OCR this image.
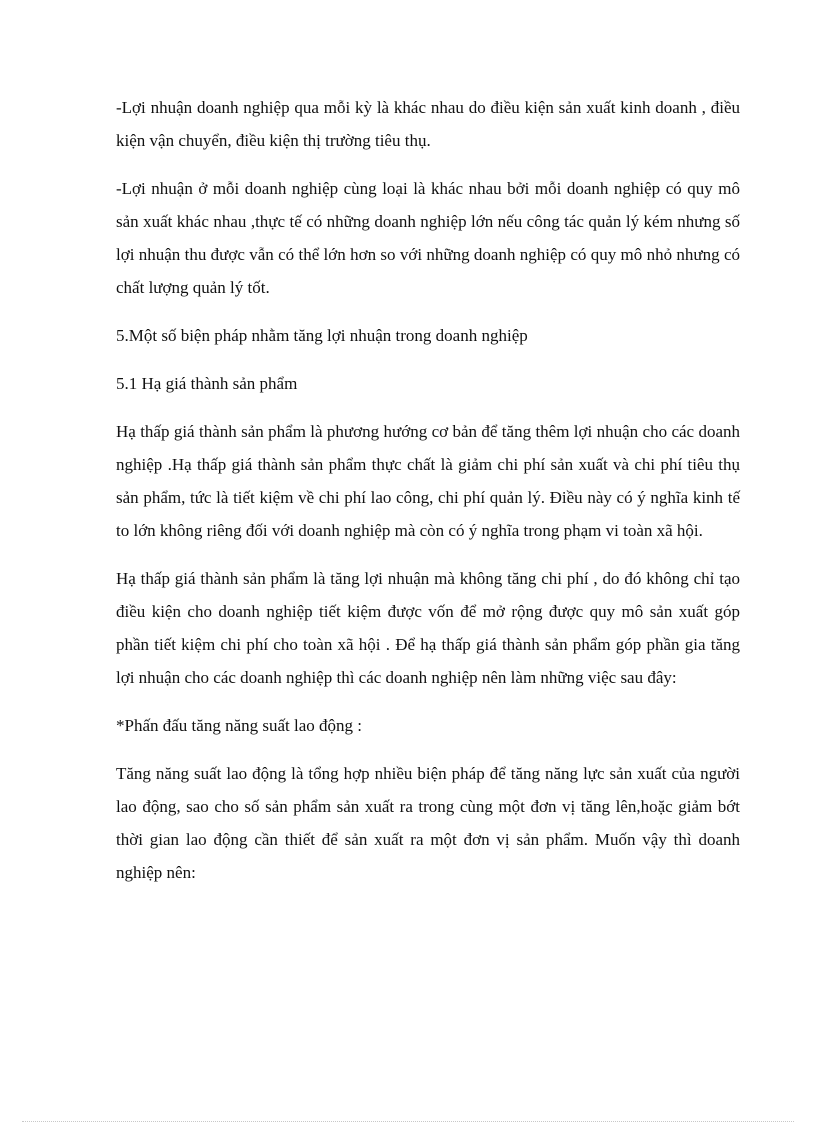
-Lợi nhuận doanh nghiệp qua mỗi kỳ là khác nhau do điều kiện sản xuất kinh doanh , điều kiện vận chuyển, điều kiện thị trường tiêu thụ.

-Lợi nhuận ở mỗi doanh nghiệp cùng loại là khác nhau bởi mỗi doanh nghiệp có quy mô sản xuất khác nhau ,thực tế có những doanh nghiệp lớn nếu công tác quản lý kém nhưng số lợi nhuận thu được vẫn có thể lớn hơn so với những doanh nghiệp có quy mô nhỏ nhưng có chất lượng quản lý tốt.

5.Một số biện pháp nhằm tăng lợi nhuận trong doanh nghiệp

5.1 Hạ giá thành sản phẩm

Hạ thấp giá thành sản phẩm là phương hướng cơ bản để tăng thêm lợi nhuận cho các doanh nghiệp .Hạ thấp giá thành sản phẩm thực chất là giảm chi phí sản xuất và chi phí tiêu thụ sản phẩm, tức là tiết kiệm về chi phí lao công, chi phí quản lý. Điều này có ý nghĩa kinh tế to lớn không riêng đối với doanh nghiệp mà còn có ý nghĩa trong phạm vi toàn xã hội.

Hạ thấp giá thành sản phẩm là tăng lợi nhuận mà không tăng chi phí , do đó không chỉ tạo điều kiện cho doanh nghiệp tiết kiệm được vốn để mở rộng được quy mô sản xuất góp phần tiết kiệm chi phí cho toàn xã hội . Để hạ thấp giá thành sản phẩm góp phần gia tăng lợi nhuận cho các doanh nghiệp thì các doanh nghiệp nên làm những việc sau đây:

*Phấn đấu tăng năng suất lao động :

Tăng năng suất lao động là tổng hợp nhiều biện pháp để tăng năng lực sản xuất của người lao động, sao cho số sản phẩm sản xuất ra trong cùng một đơn vị tăng lên,hoặc giảm bớt thời gian lao động cần thiết để sản xuất ra một đơn vị sản phẩm. Muốn vậy thì doanh nghiệp nên:
